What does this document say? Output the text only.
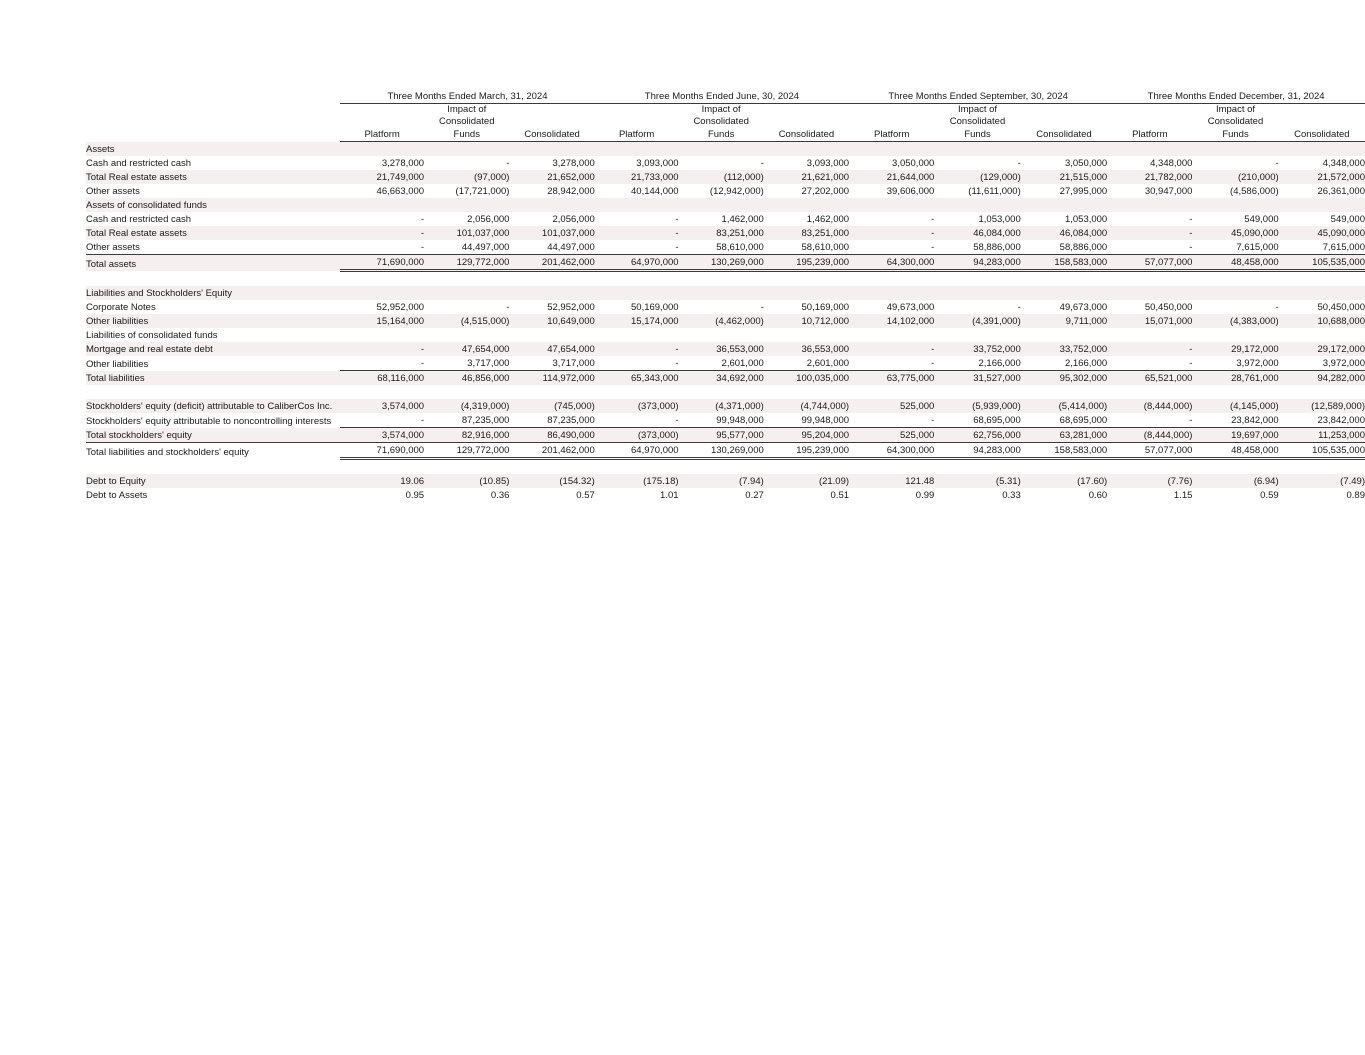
	Three Months Ended March, 31, 2024			Three Months Ended June, 30, 2024			Three Months Ended September, 30, 2024			Three Months Ended December, 31, 2024		
		Impact of			Impact of			Impact of			Impact of	
		Consolidated			Consolidated			Consolidated			Consolidated	
	Platform	Funds	Consolidated	Platform	Funds	Consolidated	Platform	Funds	Consolidated	Platform	Funds	Consolidated
Assets												
Cash and restricted cash	3,278,000	-	3,278,000	3,093,000	-	3,093,000	3,050,000	-	3,050,000	4,348,000	-	4,348,000
Total Real estate assets	21,749,000	(97,000)	21,652,000	21,733,000	(112,000)	21,621,000	21,644,000	(129,000)	21,515,000	21,782,000	(210,000)	21,572,000
Other assets	46,663,000	(17,721,000)	28,942,000	40,144,000	(12,942,000)	27,202,000	39,606,000	(11,611,000)	27,995,000	30,947,000	(4,586,000)	26,361,000
Assets of consolidated funds												
Cash and restricted cash	-	2,056,000	2,056,000	-	1,462,000	1,462,000	-	1,053,000	1,053,000	-	549,000	549,000
Total Real estate assets	-	101,037,000	101,037,000	-	83,251,000	83,251,000	-	46,084,000	46,084,000	-	45,090,000	45,090,000
Other assets	-	44,497,000	44,497,000	-	58,610,000	58,610,000	-	58,886,000	58,886,000	-	7,615,000	7,615,000
Total assets	71,690,000	129,772,000	201,462,000	64,970,000	130,269,000	195,239,000	64,300,000	94,283,000	158,583,000	57,077,000	48,458,000	105,535,000

Liabilities and Stockholders' Equity												
Corporate Notes	52,952,000	-	52,952,000	50,169,000	-	50,169,000	49,673,000	-	49,673,000	50,450,000	-	50,450,000
Other liabilities	15,164,000	(4,515,000)	10,649,000	15,174,000	(4,462,000)	10,712,000	14,102,000	(4,391,000)	9,711,000	15,071,000	(4,383,000)	10,688,000
Liabilities of consolidated funds												
Mortgage and real estate debt	-	47,654,000	47,654,000	-	36,553,000	36,553,000	-	33,752,000	33,752,000	-	29,172,000	29,172,000
Other liabilities	-	3,717,000	3,717,000	-	2,601,000	2,601,000	-	2,166,000	2,166,000	-	3,972,000	3,972,000
Total liabilities	68,116,000	46,856,000	114,972,000	65,343,000	34,692,000	100,035,000	63,775,000	31,527,000	95,302,000	65,521,000	28,761,000	94,282,000

Stockholders' equity (deficit) attributable to CaliberCos Inc.	3,574,000	(4,319,000)	(745,000)	(373,000)	(4,371,000)	(4,744,000)	525,000	(5,939,000)	(5,414,000)	(8,444,000)	(4,145,000)	(12,589,000)
Stockholders' equity attributable to noncontrolling interests	-	87,235,000	87,235,000	-	99,948,000	99,948,000	-	68,695,000	68,695,000	-	23,842,000	23,842,000
Total stockholders' equity	3,574,000	82,916,000	86,490,000	(373,000)	95,577,000	95,204,000	525,000	62,756,000	63,281,000	(8,444,000)	19,697,000	11,253,000
Total liabilities and stockholders' equity	71,690,000	129,772,000	201,462,000	64,970,000	130,269,000	195,239,000	64,300,000	94,283,000	158,583,000	57,077,000	48,458,000	105,535,000

Debt to Equity	19.06	(10.85)	(154.32)	(175.18)	(7.94)	(21.09)	121.48	(5.31)	(17.60)	(7.76)	(6.94)	(7.49)
Debt to Assets	0.95	0.36	0.57	1.01	0.27	0.51	0.99	0.33	0.60	1.15	0.59	0.89
